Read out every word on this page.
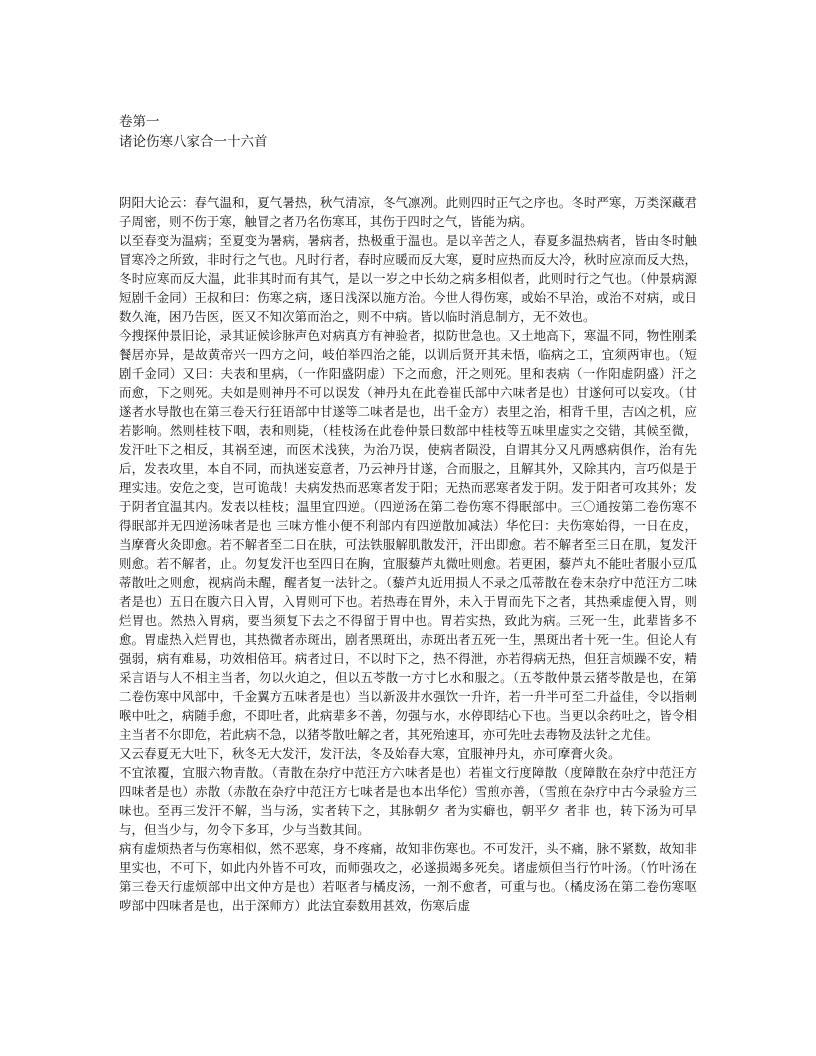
卷第一

诸论伤寒八家合一十六首

阴阳大论云：春气温和，夏气暑热，秋气清凉，冬气凛冽。此则四时正气之序也。冬时严寒，万类深藏君子周密，则不伤于寒，触冒之者乃名伤寒耳，其伤于四时之气，皆能为病。

以至春变为温病；至夏变为暑病，暑病者，热极重于温也。是以辛苦之人，春夏多温热病者，皆由冬时触冒寒冷之所致，非时行之气也。凡时行者，春时应暖而反大寒，夏时应热而反大冷，秋时应凉而反大热，冬时应寒而反大温，此非其时而有其气，是以一岁之中长幼之病多相似者，此则时行之气也。（仲景病源短剧千金同）王叔和曰：伤寒之病，逐日浅深以施方治。今世人得伤寒，或始不早治，或治不对病，或日数久淹，困乃告医，医又不知次第而治之，则不中病。皆以临时消息制方，无不效也。

今搜探仲景旧论，录其证候诊脉声色对病真方有神验者，拟防世急也。又土地高下，寒温不同，物性刚柔餐居亦异，是故黄帝兴一四方之问，岐伯举四治之能，以训后贤开其未悟，临病之工，宜须两审也。（短剧千金同）又曰：夫表和里病，（一作阳盛阴虚）下之而愈，汗之则死。里和表病（一作阳虚阴盛）汗之而愈，下之则死。夫如是则神丹不可以误发（神丹丸在此卷崔氏部中六味者是也）甘遂何可以妄攻。（甘遂者水导散也在第三卷天行狂语部中甘遂等二味者是也，出千金方）表里之治，相背千里，吉凶之机，应若影响。然则桂枝下咽，表和则毙，（桂枝汤在此卷仲景曰数部中桂枝等五味里虚实之交错，其候至微，发汗吐下之相反，其祸至速，而医术浅狭，为治乃误，使病者陨没，自谓其分又凡两感病俱作，治有先后，发表攻里，本自不同，而执迷妄意者，乃云神丹甘遂，合而服之，且解其外，又除其内，言巧似是于理实违。安危之变，岂可诡哉！夫病发热而恶寒者发于阳；无热而恶寒者发于阴。发于阳者可攻其外；发于阴者宜温其内。发表以桂枝；温里宜四逆。（四逆汤在第二卷伤寒不得眠部中。三〇通按第二卷伤寒不得眠部并无四逆汤味者是也 三味方惟小便不利部内有四逆散加减法）华佗曰：夫伤寒始得，一日在皮，当摩膏火灸即愈。若不解者至二日在肤，可法铁服解肌散发汗，汗出即愈。若不解者至三日在肌，复发汗则愈。若不解者，止。勿复发汗也至四日在胸，宜服藜芦丸微吐则愈。若更困，藜芦丸不能吐者服小豆瓜蒂散吐之则愈，视病尚未醒，醒者复一法针之。（藜芦丸近用损人不录之瓜蒂散在卷末杂疗中范汪方二味者是也）五日在腹六日入胃，入胃则可下也。若热毒在胃外，未入于胃而先下之者，其热乘虚便入胃，则烂胃也。然热入胃病，要当须复下去之不得留于胃中也。胃若实热，致此为病。三死一生，此辈皆多不愈。胃虚热入烂胃也，其热微者赤斑出，剧者黑斑出，赤斑出者五死一生，黑斑出者十死一生。但论人有强弱，病有难易，功效相倍耳。病者过日，不以时下之，热不得泄，亦若得病无热，但狂言烦躁不安，精采言语与人不相主当者，勿以火迫之，但以五苓散一方寸匕水和服之。（五苓散仲景云猪苓散是也，在第二卷伤寒中风部中，千金翼方五味者是也）当以新汲井水强饮一升许，若一升半可至二升益佳，令以指刺喉中吐之，病随手愈，不即吐者，此病辈多不善，勿强与水，水停即结心下也。当更以余药吐之，皆令相主当者不尔即危，若此病不急，以猪苓散吐解之者，其死殆速耳，亦可先吐去毒物及法针之尤佳。

又云春夏无大吐下，秋冬无大发汗，发汗法，冬及始春大寒，宜服神丹丸，亦可摩膏火灸。

不宜浓覆，宜服六物青散。（青散在杂疗中范汪方六味者是也）若崔文行度障散（度障散在杂疗中范汪方四味者是也）赤散（赤散在杂疗中范汪方七味者是也本出华佗）雪煎亦善，（雪煎在杂疗中古今录验方三味也。至再三发汗不解，当与汤，实者转下之，其脉朝夕 者为实癖也，朝平夕 者非 也，转下汤为可早与，但当少与，勿令下多耳，少与当数其间。

病有虚烦热者与伤寒相似，然不恶寒，身不疼痛，故知非伤寒也。不可发汗，头不痛，脉不紧数，故知非里实也，不可下，如此内外皆不可攻，而师强攻之，必遂损竭多死矣。诸虚烦但当行竹叶汤。（竹叶汤在第三卷天行虚烦部中出文仲方是也）若呕者与橘皮汤，一剂不愈者，可重与也。（橘皮汤在第二卷伤寒呕哕部中四味者是也，出于深师方）此法宜泰数用甚效，伤寒后虚
